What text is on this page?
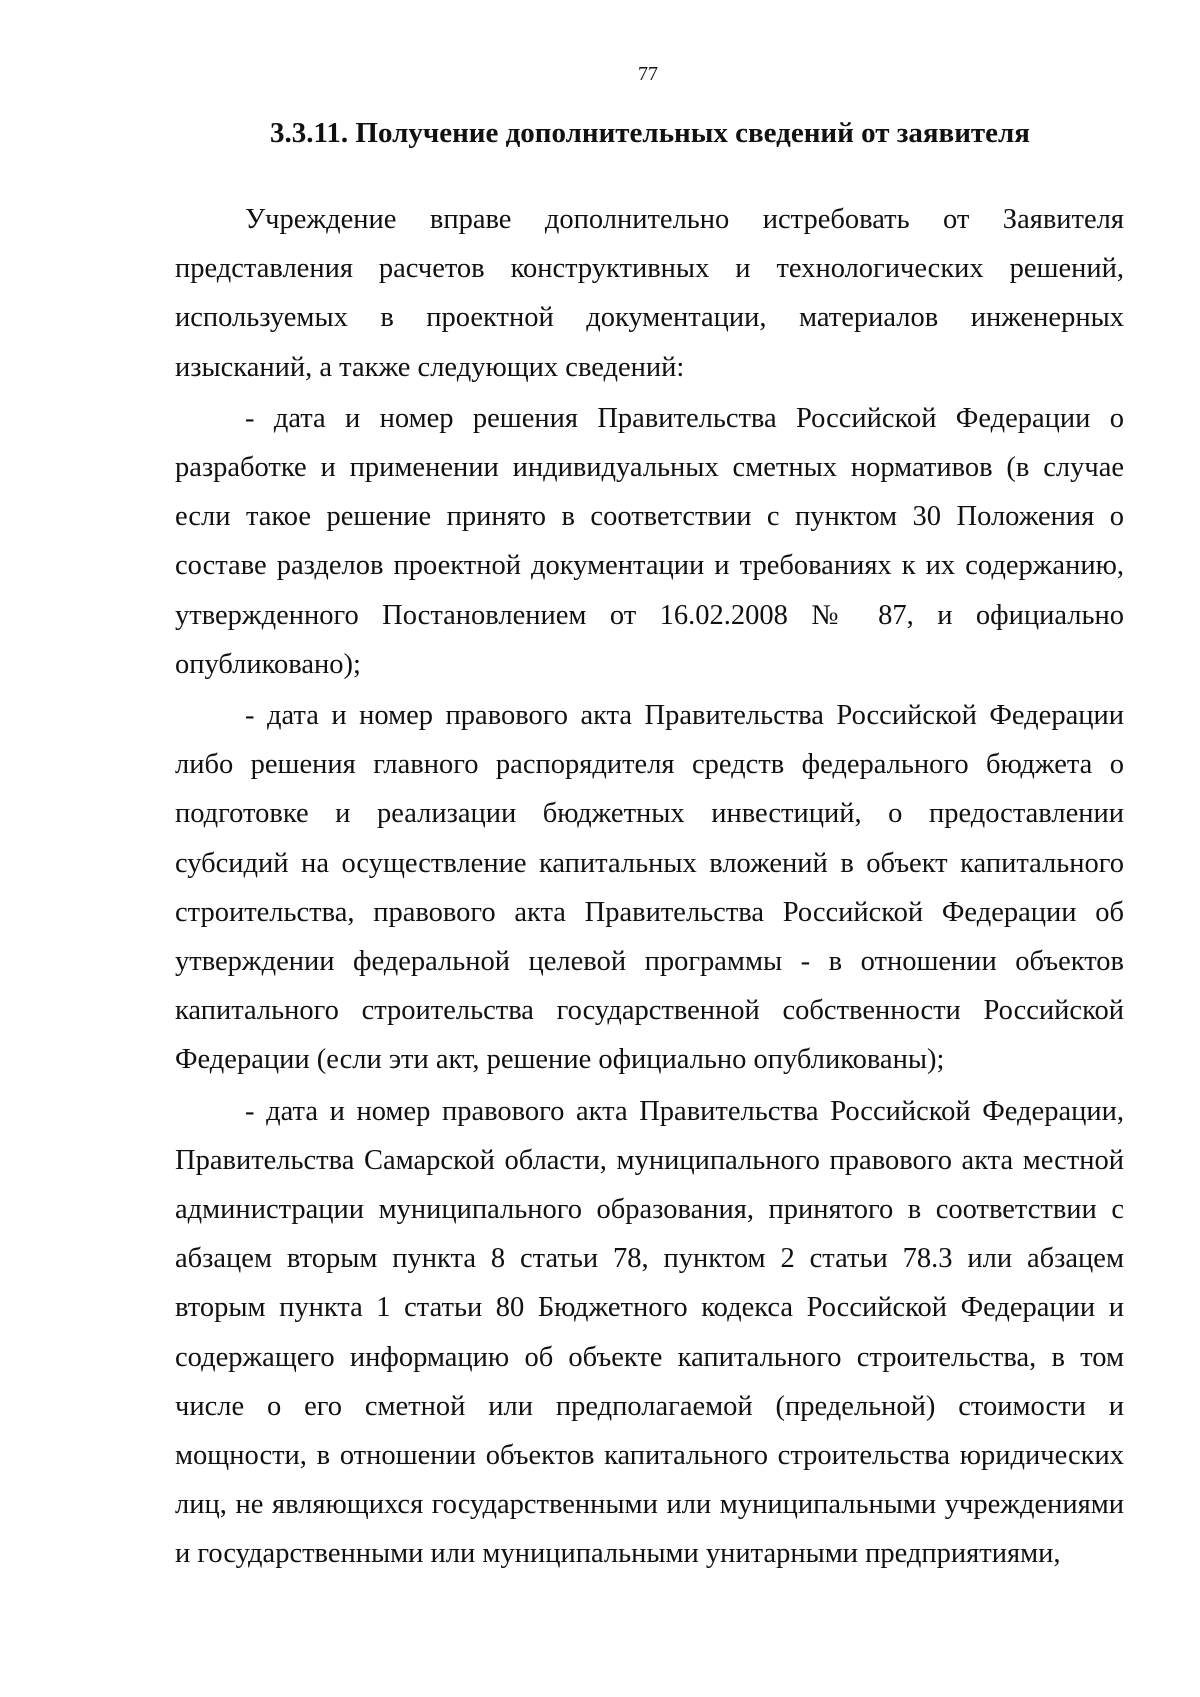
77
3.3.11. Получение дополнительных сведений от заявителя

Учреждение вправе дополнительно истребовать от Заявителя представления расчетов конструктивных и технологических решений, используемых в проектной документации, материалов инженерных изысканий, а также следующих сведений:

- дата и номер решения Правительства Российской Федерации о разработке и применении индивидуальных сметных нормативов (в случае если такое решение принято в соответствии с пунктом 30 Положения о составе разделов проектной документации и требованиях к их содержанию, утвержденного Постановлением от 16.02.2008 № 87, и официально опубликовано);

- дата и номер правового акта Правительства Российской Федерации либо решения главного распорядителя средств федерального бюджета о подготовке и реализации бюджетных инвестиций, о предоставлении субсидий на осуществление капитальных вложений в объект капитального строительства, правового акта Правительства Российской Федерации об утверждении федеральной целевой программы - в отношении объектов капитального строительства государственной собственности Российской Федерации (если эти акт, решение официально опубликованы);

- дата и номер правового акта Правительства Российской Федерации, Правительства Самарской области, муниципального правового акта местной администрации муниципального образования, принятого в соответствии с абзацем вторым пункта 8 статьи 78, пунктом 2 статьи 78.3 или абзацем вторым пункта 1 статьи 80 Бюджетного кодекса Российской Федерации и содержащего информацию об объекте капитального строительства, в том числе о его сметной или предполагаемой (предельной) стоимости и мощности, в отношении объектов капитального строительства юридических лиц, не являющихся государственными или муниципальными учреждениями и государственными или муниципальными унитарными предприятиями,
